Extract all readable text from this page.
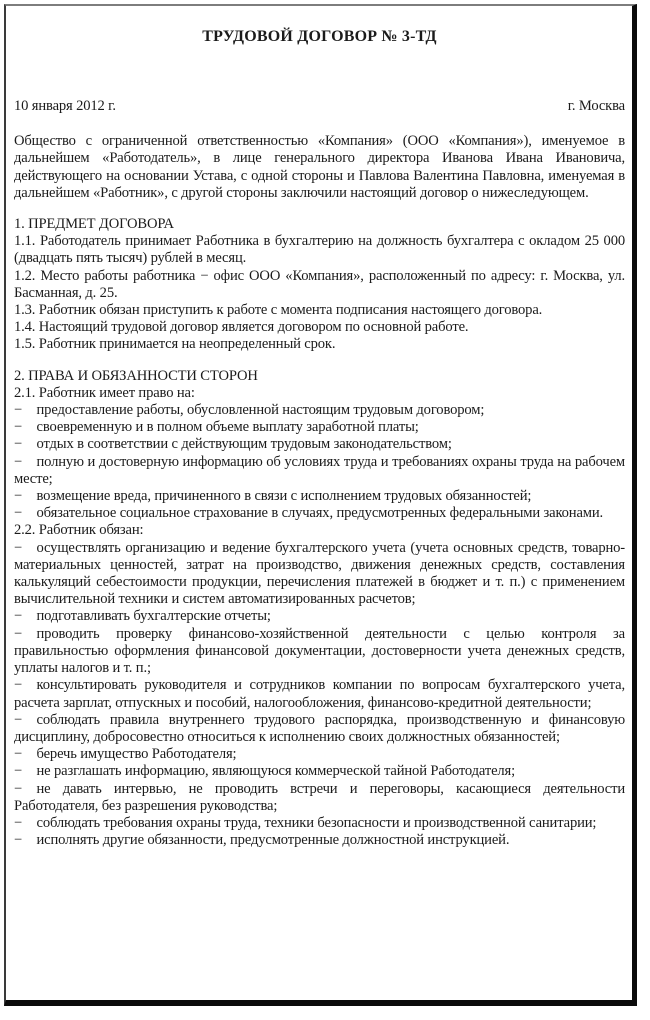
ТРУДОВОЙ ДОГОВОР № 3-ТД
10 января 2012 г.	г. Москва

Общество с ограниченной ответственностью «Компания» (ООО «Компания»), именуемое в дальнейшем «Работодатель», в лице генерального директора Иванова Ивана Ивановича, действующего на основании Устава, с одной стороны и Павлова Валентина Павловна, именуемая в дальнейшем «Работник», с другой стороны заключили настоящий договор о нижеследующем.

1. ПРЕДМЕТ ДОГОВОРА

1.1. Работодатель принимает Работника в бухгалтерию на должность бухгалтера с окладом 25 000 (двадцать пять тысяч) рублей в месяц.

1.2. Место работы работника − офис ООО «Компания», расположенный по адресу: г. Москва, ул. Басманная, д. 25.

1.3. Работник обязан приступить к работе с момента подписания настоящего договора.

1.4. Настоящий трудовой договор является договором по основной работе.

1.5. Работник принимается на неопределенный срок.

2. ПРАВА И ОБЯЗАННОСТИ СТОРОН

2.1. Работник имеет право на:

− предоставление работы, обусловленной настоящим трудовым договором;

− своевременную и в полном объеме выплату заработной платы;

− отдых в соответствии с действующим трудовым законодательством;

− полную и достоверную информацию об условиях труда и требованиях охраны труда на рабочем месте;

− возмещение вреда, причиненного в связи с исполнением трудовых обязанностей;

− обязательное социальное страхование в случаях, предусмотренных федеральными законами.

2.2. Работник обязан:

− осуществлять организацию и ведение бухгалтерского учета (учета основных средств, товарно-материальных ценностей, затрат на производство, движения денежных средств, составления калькуляций себестоимости продукции, перечисления платежей в бюджет и т. п.) с применением вычислительной техники и систем автоматизированных расчетов;

− подготавливать бухгалтерские отчеты;

− проводить проверку финансово-хозяйственной деятельности с целью контроля за правильностью оформления финансовой документации, достоверности учета денежных средств, уплаты налогов и т. п.;

− консультировать руководителя и сотрудников компании по вопросам бухгалтерского учета, расчета зарплат, отпускных и пособий, налогообложения, финансово-кредитной деятельности;

− соблюдать правила внутреннего трудового распорядка, производственную и финансовую дисциплину, добросовестно относиться к исполнению своих должностных обязанностей;

− беречь имущество Работодателя;

− не разглашать информацию, являющуюся коммерческой тайной Работодателя;

− не давать интервью, не проводить встречи и переговоры, касающиеся деятельности Работодателя, без разрешения руководства;

− соблюдать требования охраны труда, техники безопасности и производственной санитарии;

− исполнять другие обязанности, предусмотренные должностной инструкцией.
